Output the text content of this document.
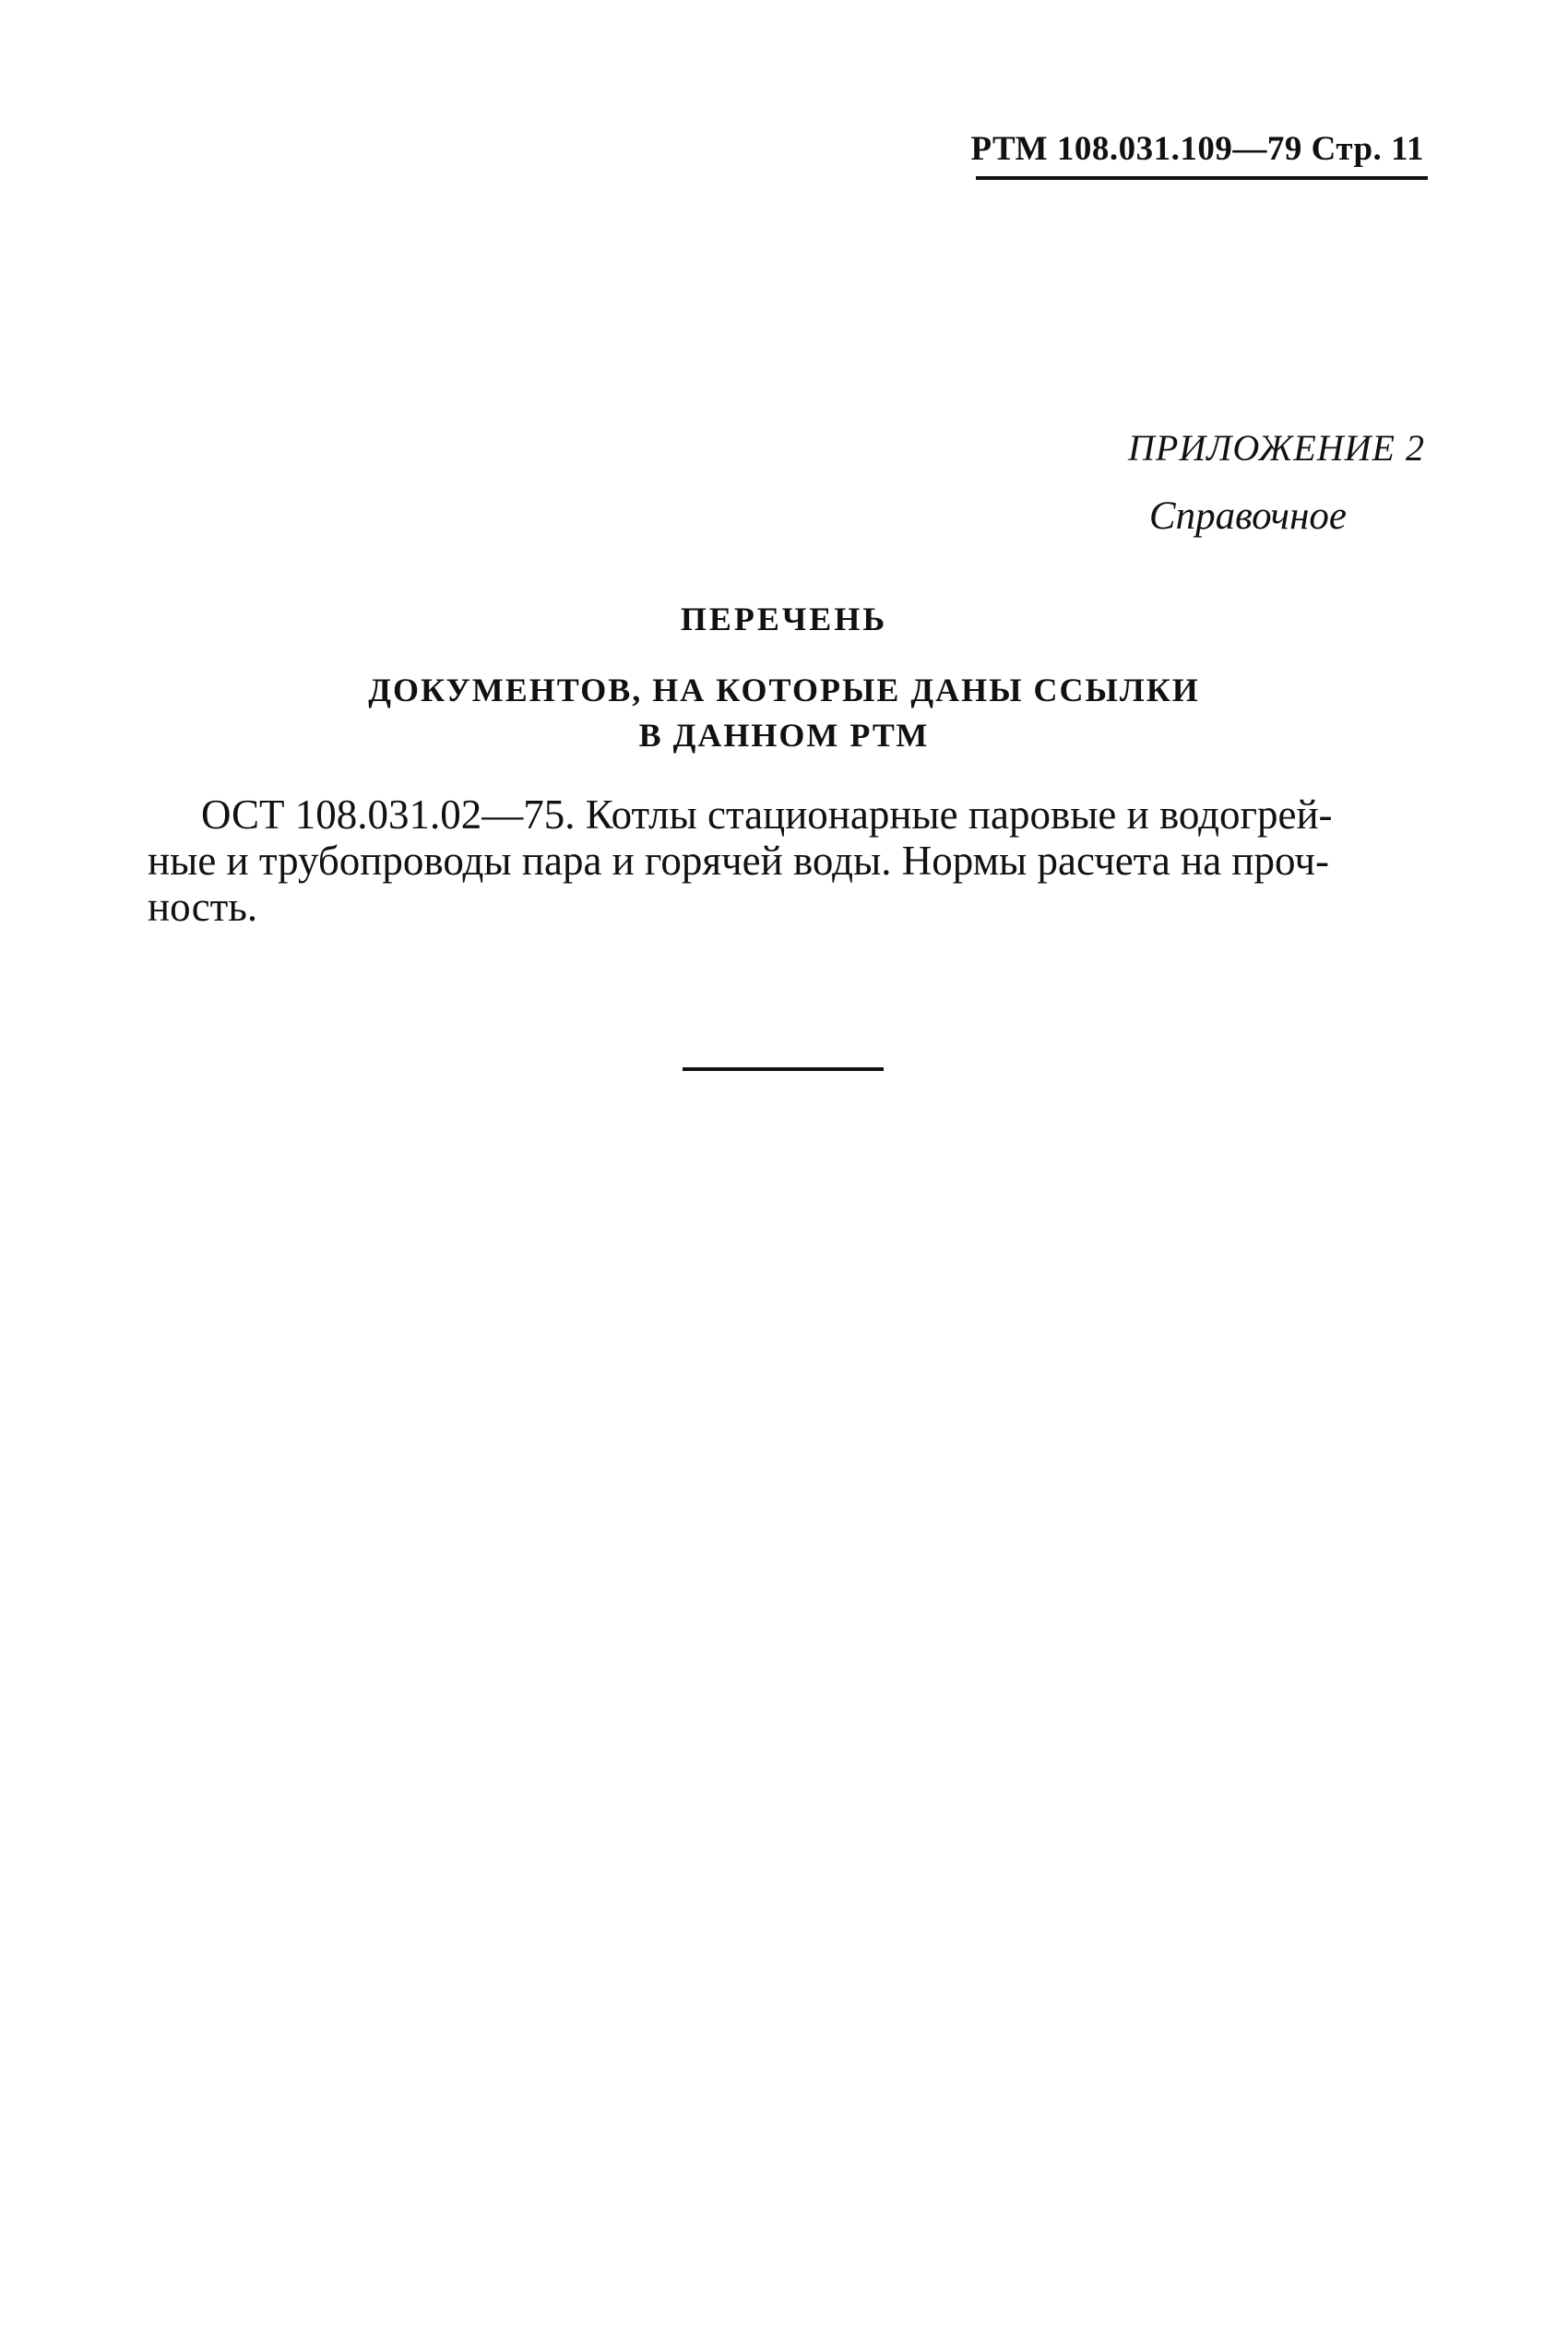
РТМ 108.031.109—79 Стр. 11
ПРИЛОЖЕНИЕ 2
Справочное
ПЕРЕЧЕНЬ
ДОКУМЕНТОВ, НА КОТОРЫЕ ДАНЫ ССЫЛКИ
В ДАННОМ РТМ
ОСТ 108.031.02—75. Котлы стационарные паровые и водогрей-
ные и трубопроводы пара и горячей воды. Нормы расчета на проч-
ность.
